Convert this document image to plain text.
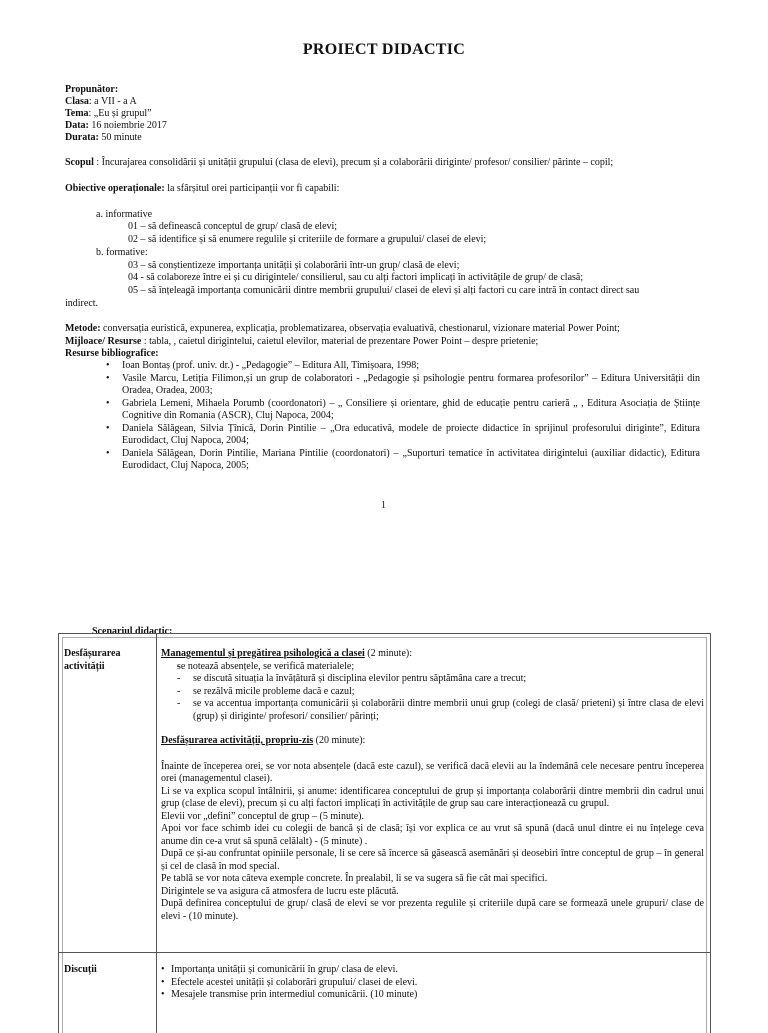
PROIECT DIDACTIC
Propunător:
Clasa: a VII - a A
Tema: „Eu și grupul”
Data: 16 noiembrie 2017
Durata: 50 minute
Scopul : Încurajarea consolidării și unității grupului (clasa de elevi), precum și a colaborării diriginte/ profesor/ consilier/ părinte – copil;
Obiective operaționale: la sfârșitul orei participanții vor fi capabili:
a. informative
01 – să definească conceptul de grup/ clasă de elevi;
02 – să identifice și să enumere regulile și criteriile de formare a grupului/ clasei de elevi;
b. formative:
03 – să conștientizeze importanța unității și colaborării într-un grup/ clasă de elevi;
04 - să colaboreze între ei și cu dirigintele/ consilierul, sau cu alți factori implicați în activitățile de grup/ de clasă;
05 – să înțeleagă importanța comunicării dintre membrii grupului/ clasei de elevi și alți factori cu care intră în contact direct sau
indirect.
Metode: conversația euristică, expunerea, explicația, problematizarea, observația evaluativă, chestionarul, vizionare material Power Point;
Mijloace/ Resurse : tabla, , caietul dirigintelui, caietul elevilor, material de prezentare Power Point – despre prietenie;
Resurse bibliografice:
• Ioan Bontaș (prof. univ. dr.) - „Pedagogie” – Editura All, Timișoara, 1998;
• Vasile Marcu, Letiția Filimon,și un grup de colaboratori - „Pedagogie și psihologie pentru formarea profesorilor” – Editura Universității din Oradea, Oradea, 2003;
• Gabriela Lemeni, Mihaela Porumb (coordonatori) – „ Consiliere și orientare, ghid de educație pentru carieră „ , Editura Asociația de Științe Cognitive din Romania (ASCR), Cluj Napoca, 2004;
• Daniela Sălăgean, Silvia Țînică, Dorin Pintilie – „Ora educativă, modele de proiecte didactice în sprijinul profesorului diriginte”, Editura Eurodidact, Cluj Napoca, 2004;
• Daniela Sălăgean, Dorin Pintilie, Mariana Pintilie (coordonatori) – „Suporturi tematice în activitatea dirigintelui (auxiliar didactic), Editura Eurodidact, Cluj Napoca, 2005;
1
Scenariul didactic:
Desfășurarea
activității
Managementul și pregătirea psihologică a clasei (2 minute):
- se notează absențele, se verifică materialele;
- se discută situația la învățătură și disciplina elevilor pentru săptămâna care a trecut;
- se rezălvă micile probleme dacă e cazul;
- se va accentua importanța comunicării și colaborării dintre membrii unui grup (colegi de clasă/ prieteni) și între clasa de elevi (grup) și diriginte/ profesori/ consilier/ părinți;
Desfășurarea activității, propriu-zis (20 minute):
Înainte de începerea orei, se vor nota absențele (dacă este cazul), se verifică dacă elevii au la îndemână cele necesare pentru începerea orei (managementul clasei).
Li se va explica scopul întâlnirii, și anume: identificarea conceptului de grup și importanța colaborării dintre membrii din cadrul unui grup (clase de elevi), precum și cu alți factori implicați în activitățile de grup sau care interacționează cu grupul.
Elevii vor „defini” conceptul de grup – (5 minute).
Apoi vor face schimb idei cu colegii de bancă și de clasă; își vor explica ce au vrut să spună (dacă unul dintre ei nu înțelege ceva anume din ce-a vrut să spună celălalt) - (5 minute) .
După ce și-au confruntat opiniile personale, li se cere să încerce să găsească asemănări și deosebiri între conceptul de grup – în general și cel de clasă în mod special.
Pe tablă se vor nota câteva exemple concrete. În prealabil, li se va sugera să fie cât mai specifici.
Dirigintele se va asigura că atmosfera de lucru este plăcută.
După definirea conceptului de grup/ clasă de elevi se vor prezenta regulile și criteriile după care se formează unele grupuri/ clase de elevi - (10 minute).
Discuții
•	Importanța unității și comunicării în grup/ clasa de elevi.
• Efectele acestei unității și colaborări grupului/ clasei de elevi.
• Mesajele transmise prin intermediul comunicării. (10 minute)
